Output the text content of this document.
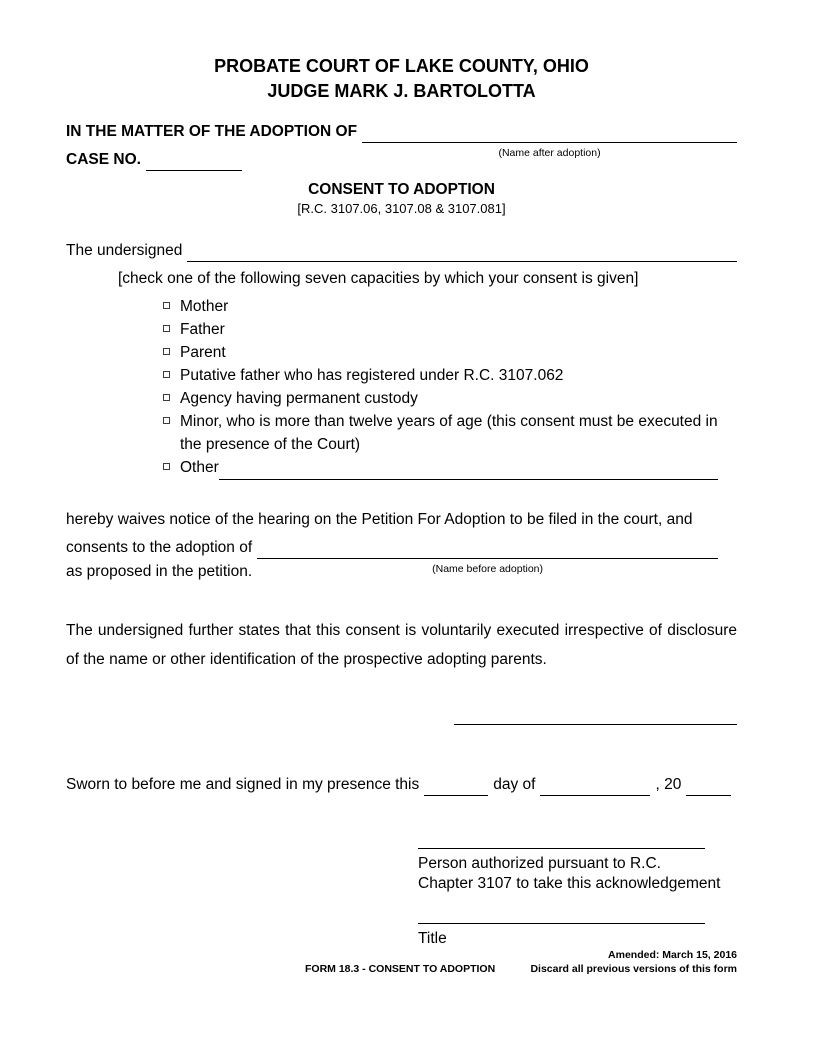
PROBATE COURT OF LAKE COUNTY, OHIO
JUDGE MARK J. BARTOLOTTA
IN THE MATTER OF THE ADOPTION OF

(Name after adoption)
CASE NO.

CONSENT TO ADOPTION
[R.C. 3107.06, 3107.08 & 3107.081]
The undersigned

[check one of the following seven capacities by which your consent is given]
Mother
Father
Parent
Putative father who has registered under R.C. 3107.062
Agency having permanent custody
Minor, who is more than twelve years of age (this consent must be executed in the presence of the Court)
Other

hereby waives notice of the hearing on the Petition For Adoption to be filed in the court, and
consents to the adoption of

(Name before adoption)
as proposed in the petition.
The undersigned further states that this consent is voluntarily executed irrespective of disclosure of the name or other identification of the prospective adopting parents.
Sworn to before me and signed in my presence this
	day of
	, 20

Person authorized pursuant to R.C.
Chapter 3107 to take this acknowledgement
Title
Amended: March 15, 2016
FORM 18.3 - CONSENT TO ADOPTION	Discard all previous versions of this form
